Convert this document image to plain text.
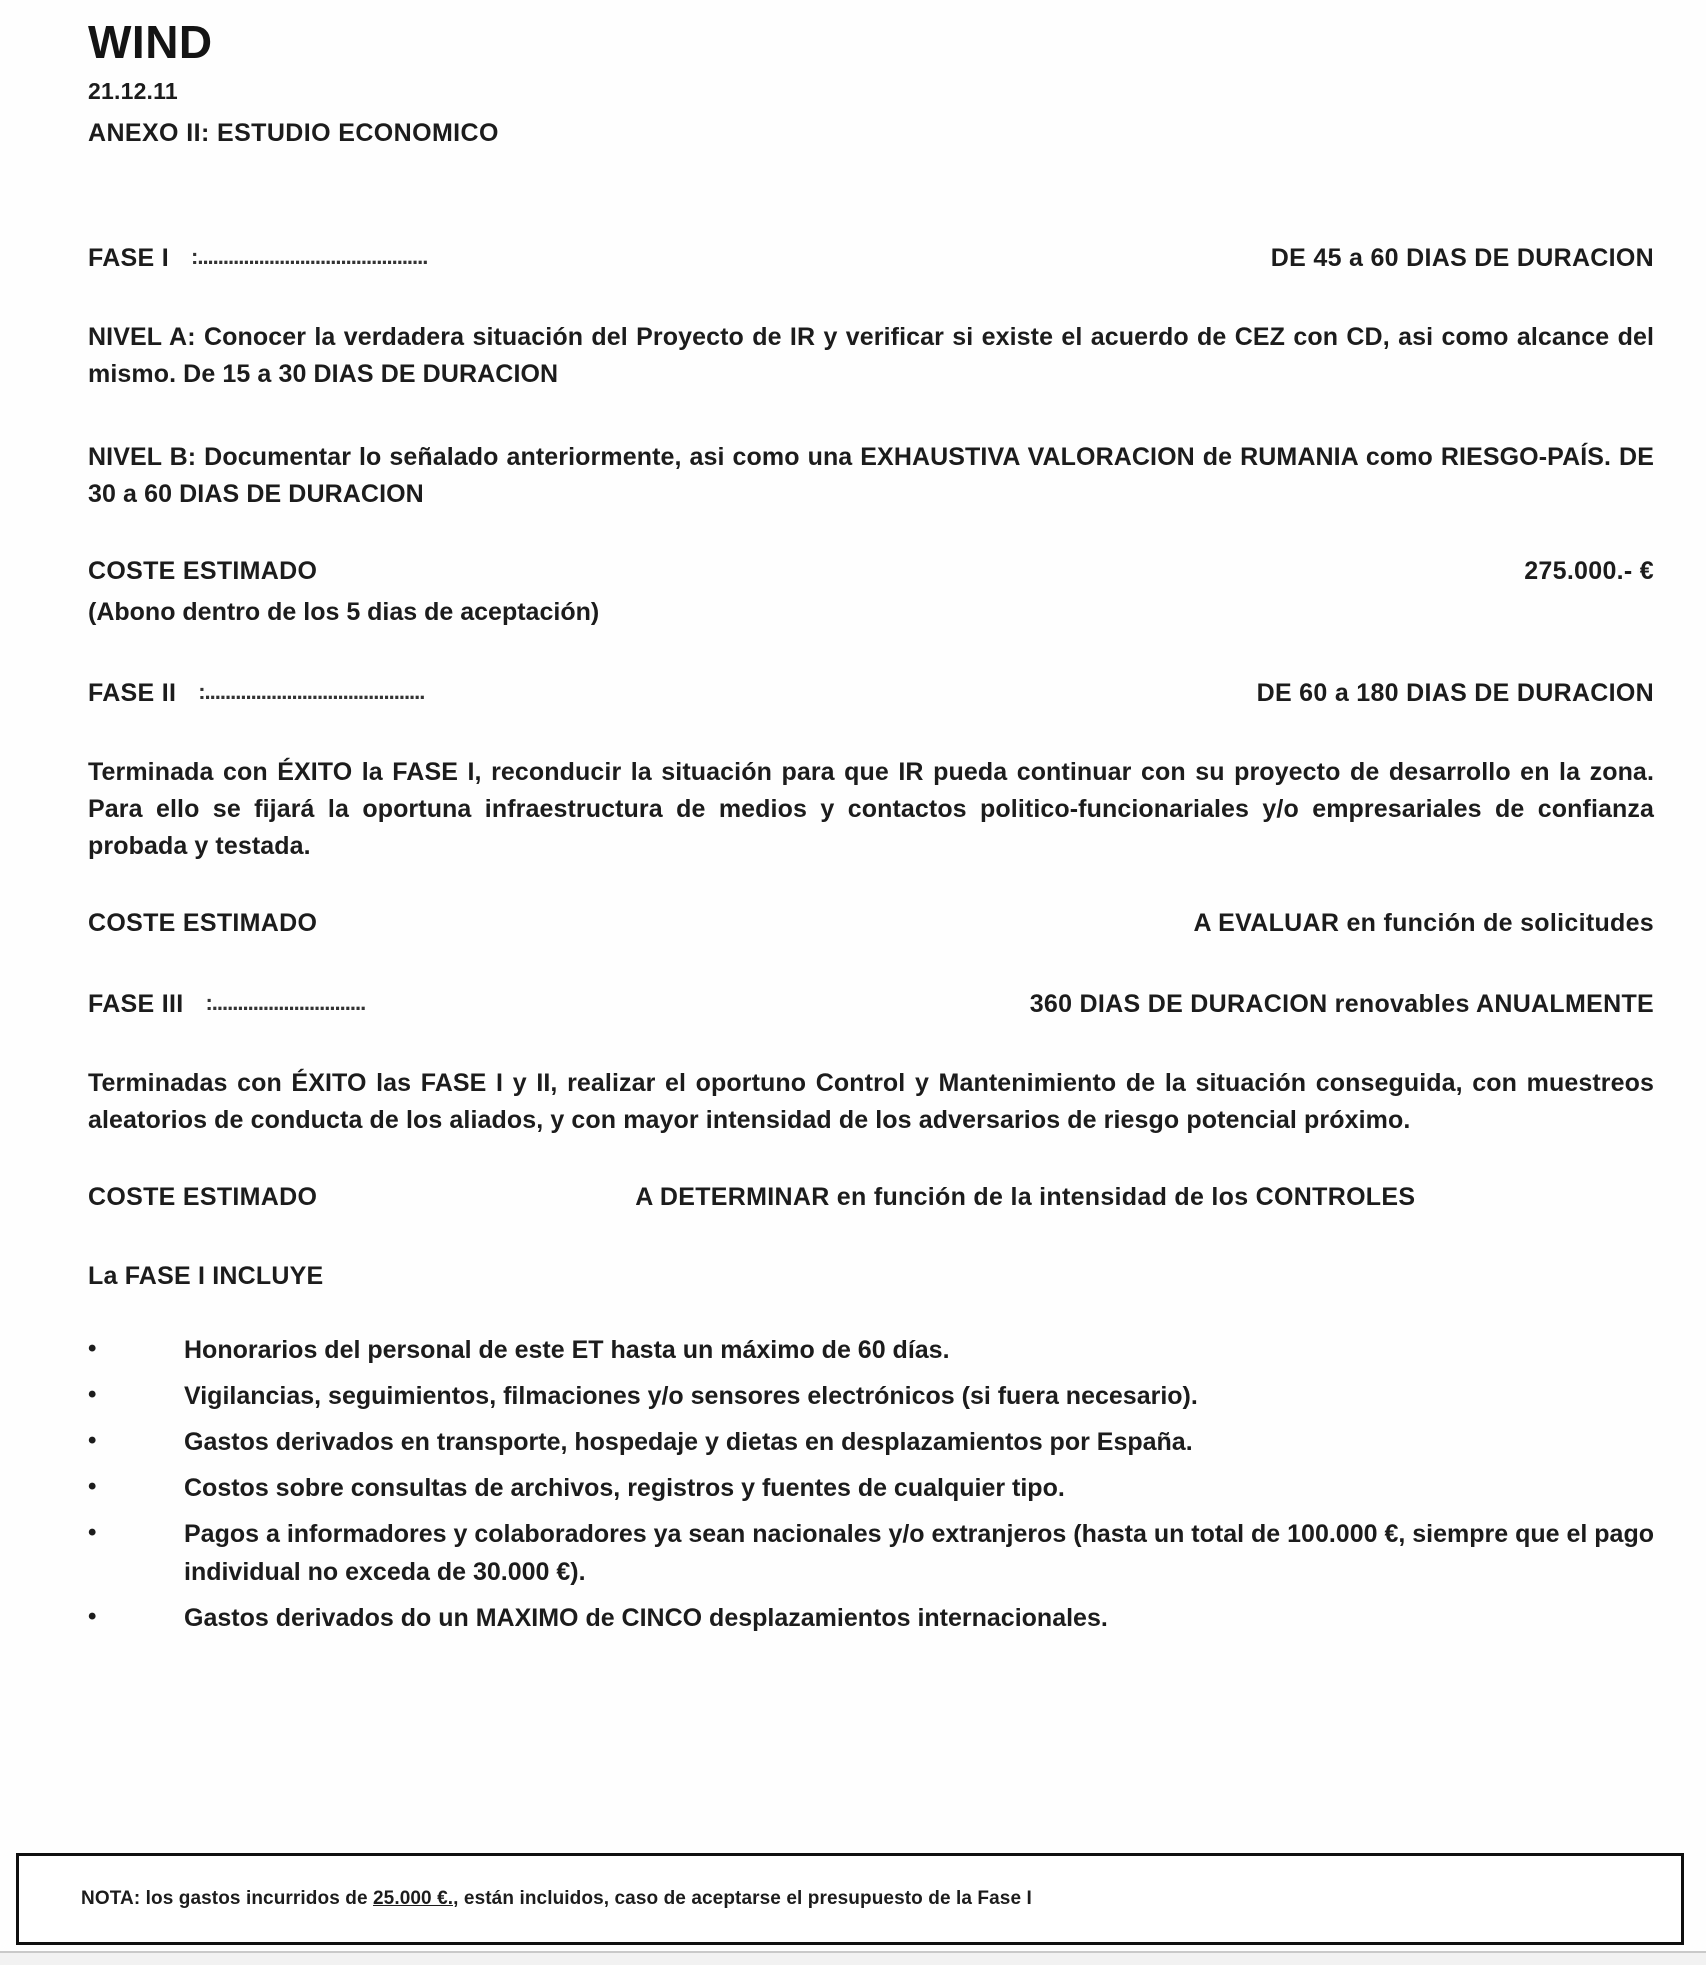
WIND
21.12.11
ANEXO II: ESTUDIO ECONOMICO
FASE I :.............................................	DE 45 a 60 DIAS DE DURACION

NIVEL A: Conocer la verdadera situación del Proyecto de IR y verificar si existe el acuerdo de CEZ con CD, asi como alcance del mismo. De 15 a 30 DIAS DE DURACION

NIVEL B: Documentar lo señalado anteriormente, asi como una EXHAUSTIVA VALORACION de RUMANIA como RIESGO-PAÍS. DE 30 a 60 DIAS DE DURACION

COSTE ESTIMADO	275.000.- €
(Abono dentro de los 5 dias de aceptación)
FASE II :...........................................	DE 60 a 180 DIAS DE DURACION

Terminada con ÉXITO la FASE I, reconducir la situación para que IR pueda continuar con su proyecto de desarrollo en la zona. Para ello se fijará la oportuna infraestructura de medios y contactos politico-funcionariales y/o empresariales de confianza probada y testada.

COSTE ESTIMADO	A EVALUAR en función de solicitudes
FASE III :..............................	360 DIAS DE DURACION renovables ANUALMENTE

Terminadas con ÉXITO las FASE I y II, realizar el oportuno Control y Mantenimiento de la situación conseguida, con muestreos aleatorios de conducta de los aliados, y con mayor intensidad de los adversarios de riesgo potencial próximo.

COSTE ESTIMADO	A DETERMINAR en función de la intensidad de los CONTROLES
La FASE I INCLUYE
•	Honorarios del personal de este ET hasta un máximo de 60 días.
•	Vigilancias, seguimientos, filmaciones y/o sensores electrónicos (si fuera necesario).
•	Gastos derivados en transporte, hospedaje y dietas en desplazamientos por España.
•	Costos sobre consultas de archivos, registros y fuentes de cualquier tipo.
•	Pagos a informadores y colaboradores ya sean nacionales y/o extranjeros (hasta un total de 100.000 €, siempre que el pago individual no exceda de 30.000 €).
•	Gastos derivados do un MAXIMO de CINCO desplazamientos internacionales.
NOTA: los gastos incurridos de 25.000 €., están incluidos, caso de aceptarse el presupuesto de la Fase I
